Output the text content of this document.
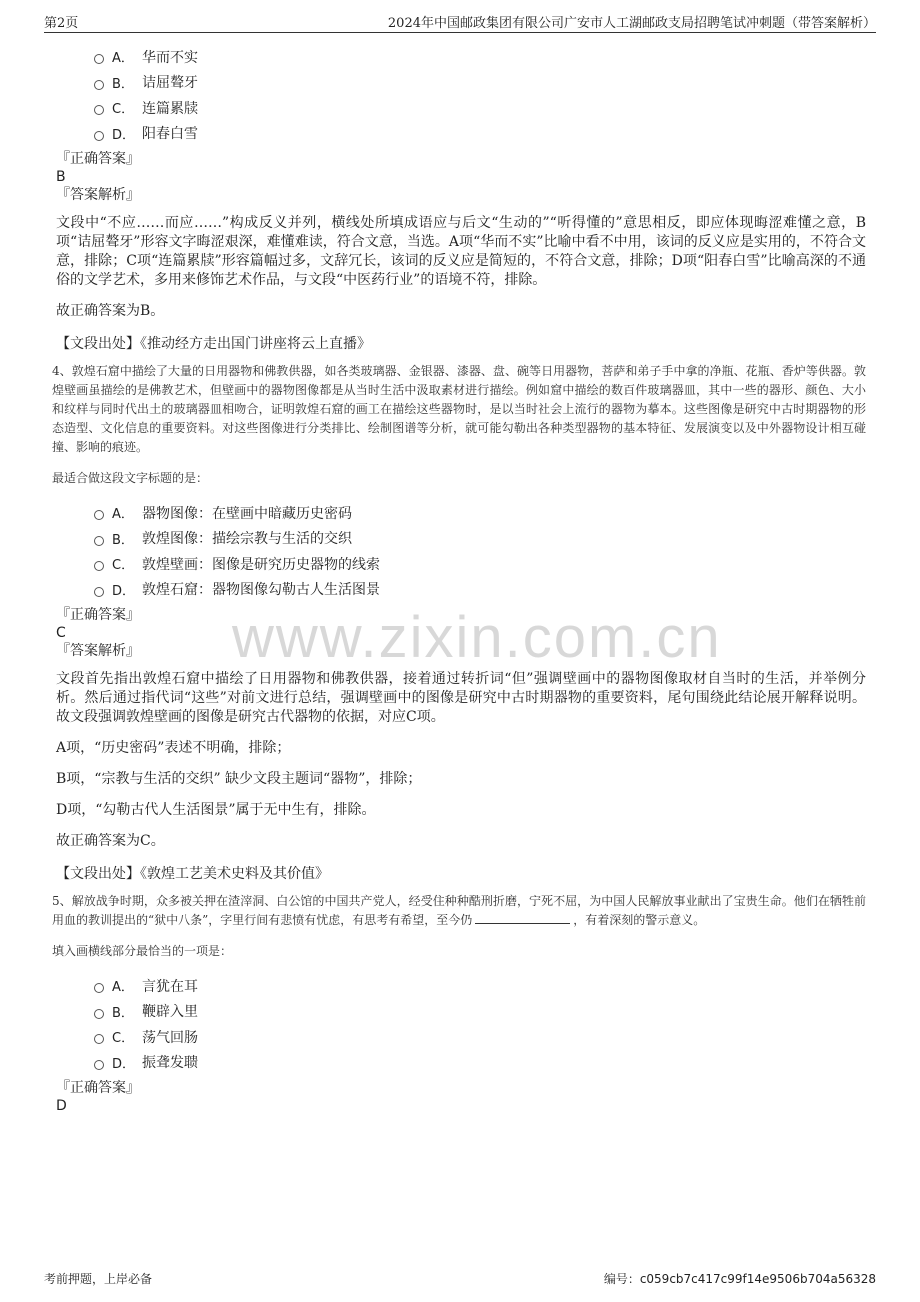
第2页	2024年中国邮政集团有限公司广安市人工湖邮政支局招聘笔试冲刺题（带答案解析）
www.zixin.com.cn
A． 华而不实
B． 诘屈聱牙
C． 连篇累牍
D． 阳春白雪
『正确答案』
B
『答案解析』
文段中“不应……而应……”构成反义并列，横线处所填成语应与后文“生动的”“听得懂的”意思相反，即应体现晦涩难懂之意，B项“诘屈聱牙”形容文字晦涩艰深，难懂难读，符合文意，当选。A项“华而不实”比喻中看不中用，该词的反义应是实用的，不符合文意，排除；C项“连篇累牍”形容篇幅过多，文辞冗长，该词的反义应是简短的，不符合文意，排除；D项“阳春白雪”比喻高深的不通俗的文学艺术，多用来修饰艺术作品，与文段“中医药行业”的语境不符，排除。
故正确答案为B。
【文段出处】《推动经方走出国门讲座将云上直播》
4、敦煌石窟中描绘了大量的日用器物和佛教供器，如各类玻璃器、金银器、漆器、盘、碗等日用器物，菩萨和弟子手中拿的净瓶、花瓶、香炉等供器。敦煌壁画虽描绘的是佛教艺术，但壁画中的器物图像都是从当时生活中汲取素材进行描绘。例如窟中描绘的数百件玻璃器皿，其中一些的器形、颜色、大小和纹样与同时代出土的玻璃器皿相吻合，证明敦煌石窟的画工在描绘这些器物时，是以当时社会上流行的器物为摹本。这些图像是研究中古时期器物的形态造型、文化信息的重要资料。对这些图像进行分类排比、绘制图谱等分析，就可能勾勒出各种类型器物的基本特征、发展演变以及中外器物设计相互碰撞、影响的痕迹。
最适合做这段文字标题的是：
A． 器物图像：在壁画中暗藏历史密码
B． 敦煌图像：描绘宗教与生活的交织
C． 敦煌壁画：图像是研究历史器物的线索
D． 敦煌石窟：器物图像勾勒古人生活图景
『正确答案』
C
『答案解析』
文段首先指出敦煌石窟中描绘了日用器物和佛教供器，接着通过转折词“但”强调壁画中的器物图像取材自当时的生活，并举例分析。然后通过指代词“这些”对前文进行总结，强调壁画中的图像是研究中古时期器物的重要资料，尾句围绕此结论展开解释说明。故文段强调敦煌壁画的图像是研究古代器物的依据，对应C项。
A项，“历史密码”表述不明确，排除；
B项，“宗教与生活的交织” 缺少文段主题词“器物”，排除；
D项，“勾勒古代人生活图景”属于无中生有，排除。
故正确答案为C。
【文段出处】《敦煌工艺美术史料及其价值》
5、解放战争时期，众多被关押在渣滓洞、白公馆的中国共产党人，经受住种种酷刑折磨，宁死不屈，为中国人民解放事业献出了宝贵生命。他们在牺牲前用血的教训提出的“狱中八条”，字里行间有悲愤有忧虑，有思考有希望，至今仍	，有着深刻的警示意义。
填入画横线部分最恰当的一项是：
A． 言犹在耳
B． 鞭辟入里
C． 荡气回肠
D． 振聋发聩
『正确答案』
D
考前押题，上岸必备	编号：c059cb7c417c99f14e9506b704a56328
